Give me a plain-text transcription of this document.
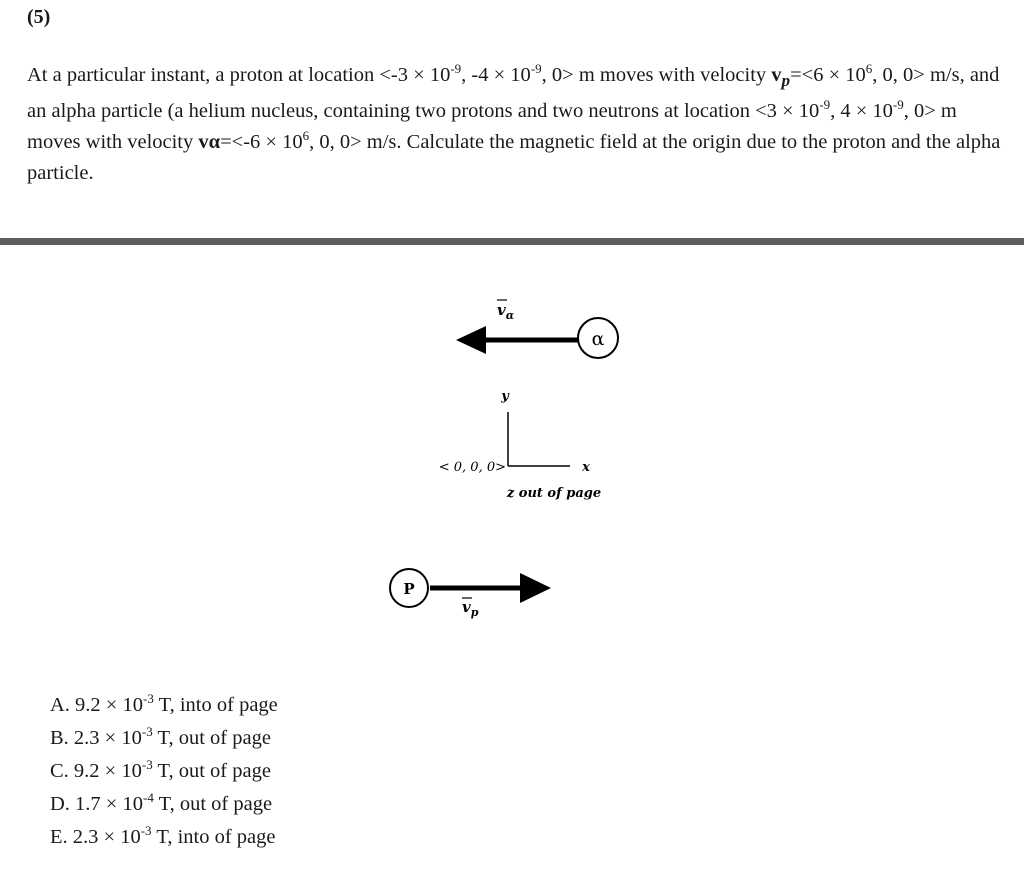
(5)
At a particular instant, a proton at location $<-3 \times 10^{-9}$, $-4 \times 10^{-9}$, 0> m moves with velocity $v_p=<6 \times 10^6$, 0, 0> m/s, and an alpha particle (a helium nucleus, containing two protons and two neutrons at location $<3 \times 10^{-9}$, $4 \times 10^{-9}$, 0> m moves with velocity $v\alpha=<-6 \times 10^6$, 0, 0> m/s. Calculate the magnetic field at the origin due to the proton and the alpha particle.
$v_\alpha$
α
y
x
< 0, 0, 0>
z out of page
P
$v_p$
A. $9.2 \times 10^{-3}$ T, into of page
B. $2.3 \times 10^{-3}$ T, out of page
C. $9.2 \times 10^{-3}$ T, out of page
D. $1.7 \times 10^{-4}$ T, out of page
E. $2.3 \times 10^{-3}$ T, into of page
